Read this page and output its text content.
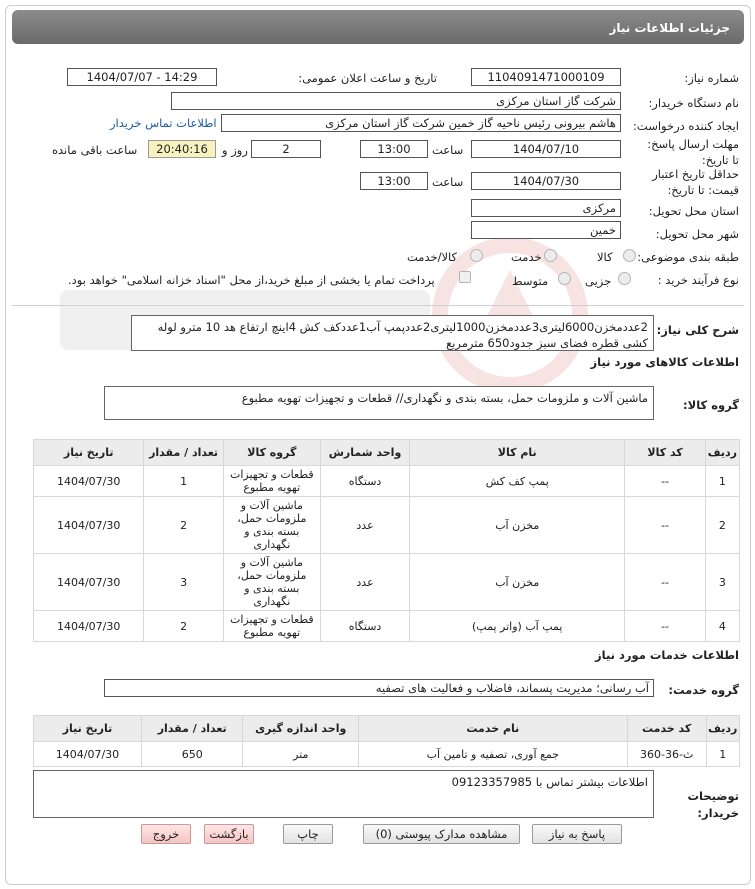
جزئیات اطلاعات نیاز
شماره نیاز:
1104091471000109
تاریخ و ساعت اعلان عمومی:
1404/07/07 - 14:29
نام دستگاه خریدار:
شرکت گاز استان مرکزی
ایجاد کننده درخواست:
هاشم بیرونی رئیس ناحیه گاز خمین شرکت گاز استان مرکزی
اطلاعات تماس خریدار
مهلت ارسال پاسخ: تا تاریخ:
1404/07/10
ساعت
13:00
2
روز و
20:40:16
ساعت باقی مانده
حداقل تاریخ اعتبار قیمت: تا تاریخ:
1404/07/30
ساعت
13:00
استان محل تحویل:
مرکزی
شهر محل تحویل:
خمین
طبقه بندی موضوعی:
کالا
خدمت
کالا/خدمت
نوع فرآیند خرید :
جزیی
متوسط
پرداخت تمام یا بخشی از مبلغ خرید،از محل "اسناد خزانه اسلامی" خواهد بود.
شرح کلی نیاز:
2عددمخزن6000لیتری3عددمخزن1000لیتری2عددپمپ آب1عددکف کش 4اینچ ارتفاع هد 10 مترو لوله کشی قطره فضای سبز جدود650 مترمربع
اطلاعات کالاهای مورد نیاز
گروه کالا:
ماشین آلات و ملزومات حمل، بسته بندی و نگهداری// قطعات و تجهیزات تهویه مطبوع
ردیف	کد کالا	نام کالا	واحد شمارش	گروه کالا	تعداد / مقدار	تاریخ نیاز
1	--	پمپ کف کش	دستگاه	قطعات و تجهیزات تهویه مطبوع	1	1404/07/30
2	--	مخزن آب	عدد	ماشین آلات و ملزومات حمل، بسته بندی و نگهداری	2	1404/07/30
3	--	مخزن آب	عدد	ماشین آلات و ملزومات حمل، بسته بندی و نگهداری	3	1404/07/30
4	--	پمپ آب (واتر پمپ)	دستگاه	قطعات و تجهیزات تهویه مطبوع	2	1404/07/30
اطلاعات خدمات مورد نیاز
گروه خدمت:
آب رسانی؛ مدیریت پسماند، فاضلاب و فعالیت های تصفیه
ردیف	کد خدمت	نام خدمت	واحد اندازه گیری	تعداد / مقدار	تاریخ نیاز
1	ث-36-360	جمع آوری، تصفیه و تامین آب	متر	650	1404/07/30
توضیحات خریدار:
اطلاعات بیشتر تماس با 09123357985
پاسخ به نیاز
مشاهده مدارک پیوستی (0)
چاپ
بازگشت
خروج
